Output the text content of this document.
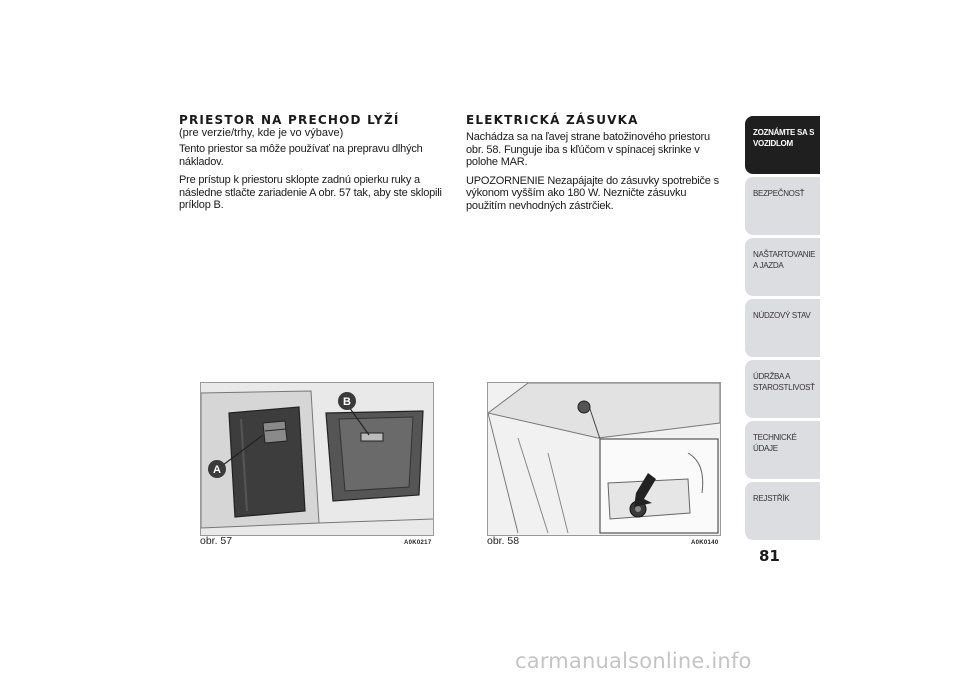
PRIESTOR NA PRECHOD LYŽÍ

(pre verzie/trhy, kde je vo výbave)

Tento priestor sa môže používať na prepravu dlhých nákladov.

Pre prístup k priestoru sklopte zadnú opierku ruky a následne stlačte zariadenie A obr. 57 tak, aby ste sklopili príklop B.

ELEKTRICKÁ ZÁSUVKA

Nachádza sa na ľavej strane batožinového priestoru obr. 58. Funguje iba s kľúčom v spínacej skrinke v polohe MAR.

UPOZORNENIE Nezapájajte do zásuvky spotrebiče s výkonom vyšším ako 180 W. Nezničte zásuvku použitím nevhodných zástrčiek.

A
B
obr. 57	A0K0217	obr. 58	A0K0140
ZOZNÁMTE SA S VOZIDLOM
BEZPEČNOSŤ
NAŠTARTOVANIE A JAZDA
NÚDZOVÝ STAV
ÚDRŽBA A STAROSTLIVOSŤ
TECHNICKÉ ÚDAJE
REJSTŘÍK
81
carmanualsonline.info
